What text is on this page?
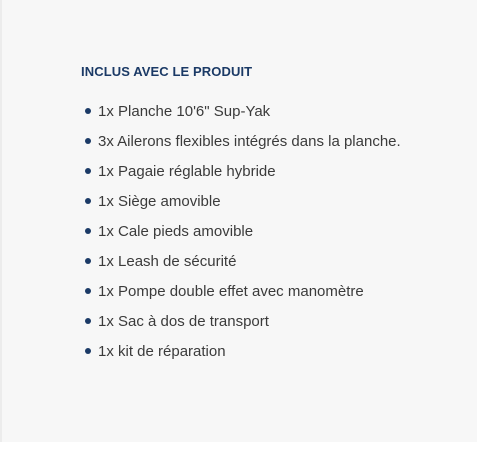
INCLUS AVEC LE PRODUIT
1x Planche 10'6" Sup-Yak
3x Ailerons flexibles intégrés dans la planche.
1x Pagaie réglable hybride
1x Siège amovible
1x Cale pieds amovible
1x Leash de sécurité
1x Pompe double effet avec manomètre
1x Sac à dos de transport
1x kit de réparation
